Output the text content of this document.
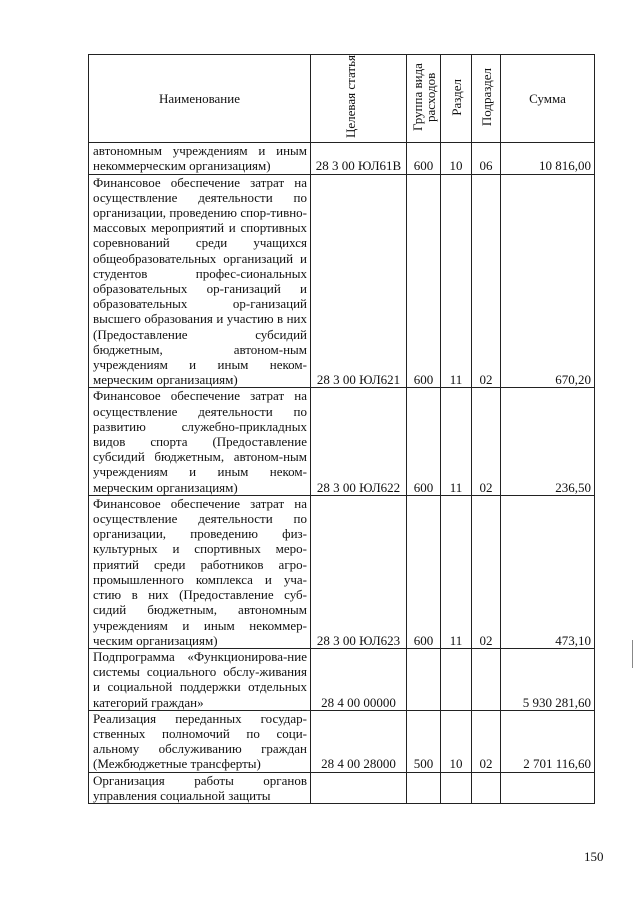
Наименование	Целевая статья	Группа вида расходов	Раздел	Подраздел	Сумма
автономным учреждениям и иным некоммерческим организациям)	28 3 00 ЮЛ61В	600	10	06	10 816,00
Финансовое обеспечение затрат на осуществление деятельности по организации, проведению спор-тивно-массовых мероприятий и спортивных соревнований среди учащихся общеобразовательных организаций и студентов профес-сиональных образовательных ор-ганизаций и образовательных ор-ганизаций высшего образования и участию в них (Предоставление субсидий бюджетным, автоном-ным учреждениям и иным неком-мерческим организациям)	28 3 00 ЮЛ621	600	11	02	670,20
Финансовое обеспечение затрат на осуществление деятельности по развитию служебно-прикладных видов спорта (Предоставление субсидий бюджетным, автоном-ным учреждениям и иным неком-мерческим организациям)	28 3 00 ЮЛ622	600	11	02	236,50
Финансовое обеспечение затрат на осуществление деятельности по организации, проведению физ-культурных и спортивных меро-приятий среди работников агро-промышленного комплекса и уча-стию в них (Предоставление суб-сидий бюджетным, автономным учреждениям и иным некоммер-ческим организациям)	28 3 00 ЮЛ623	600	11	02	473,10
Подпрограмма «Функционирова-ние системы социального обслу-живания и социальной поддержки отдельных категорий граждан»	28 4 00 00000				5 930 281,60
Реализация переданных государ-ственных полномочий по соци-альному обслуживанию граждан (Межбюджетные трансферты)	28 4 00 28000	500	10	02	2 701 116,60
Организация работы органов управления социальной защиты					
150
